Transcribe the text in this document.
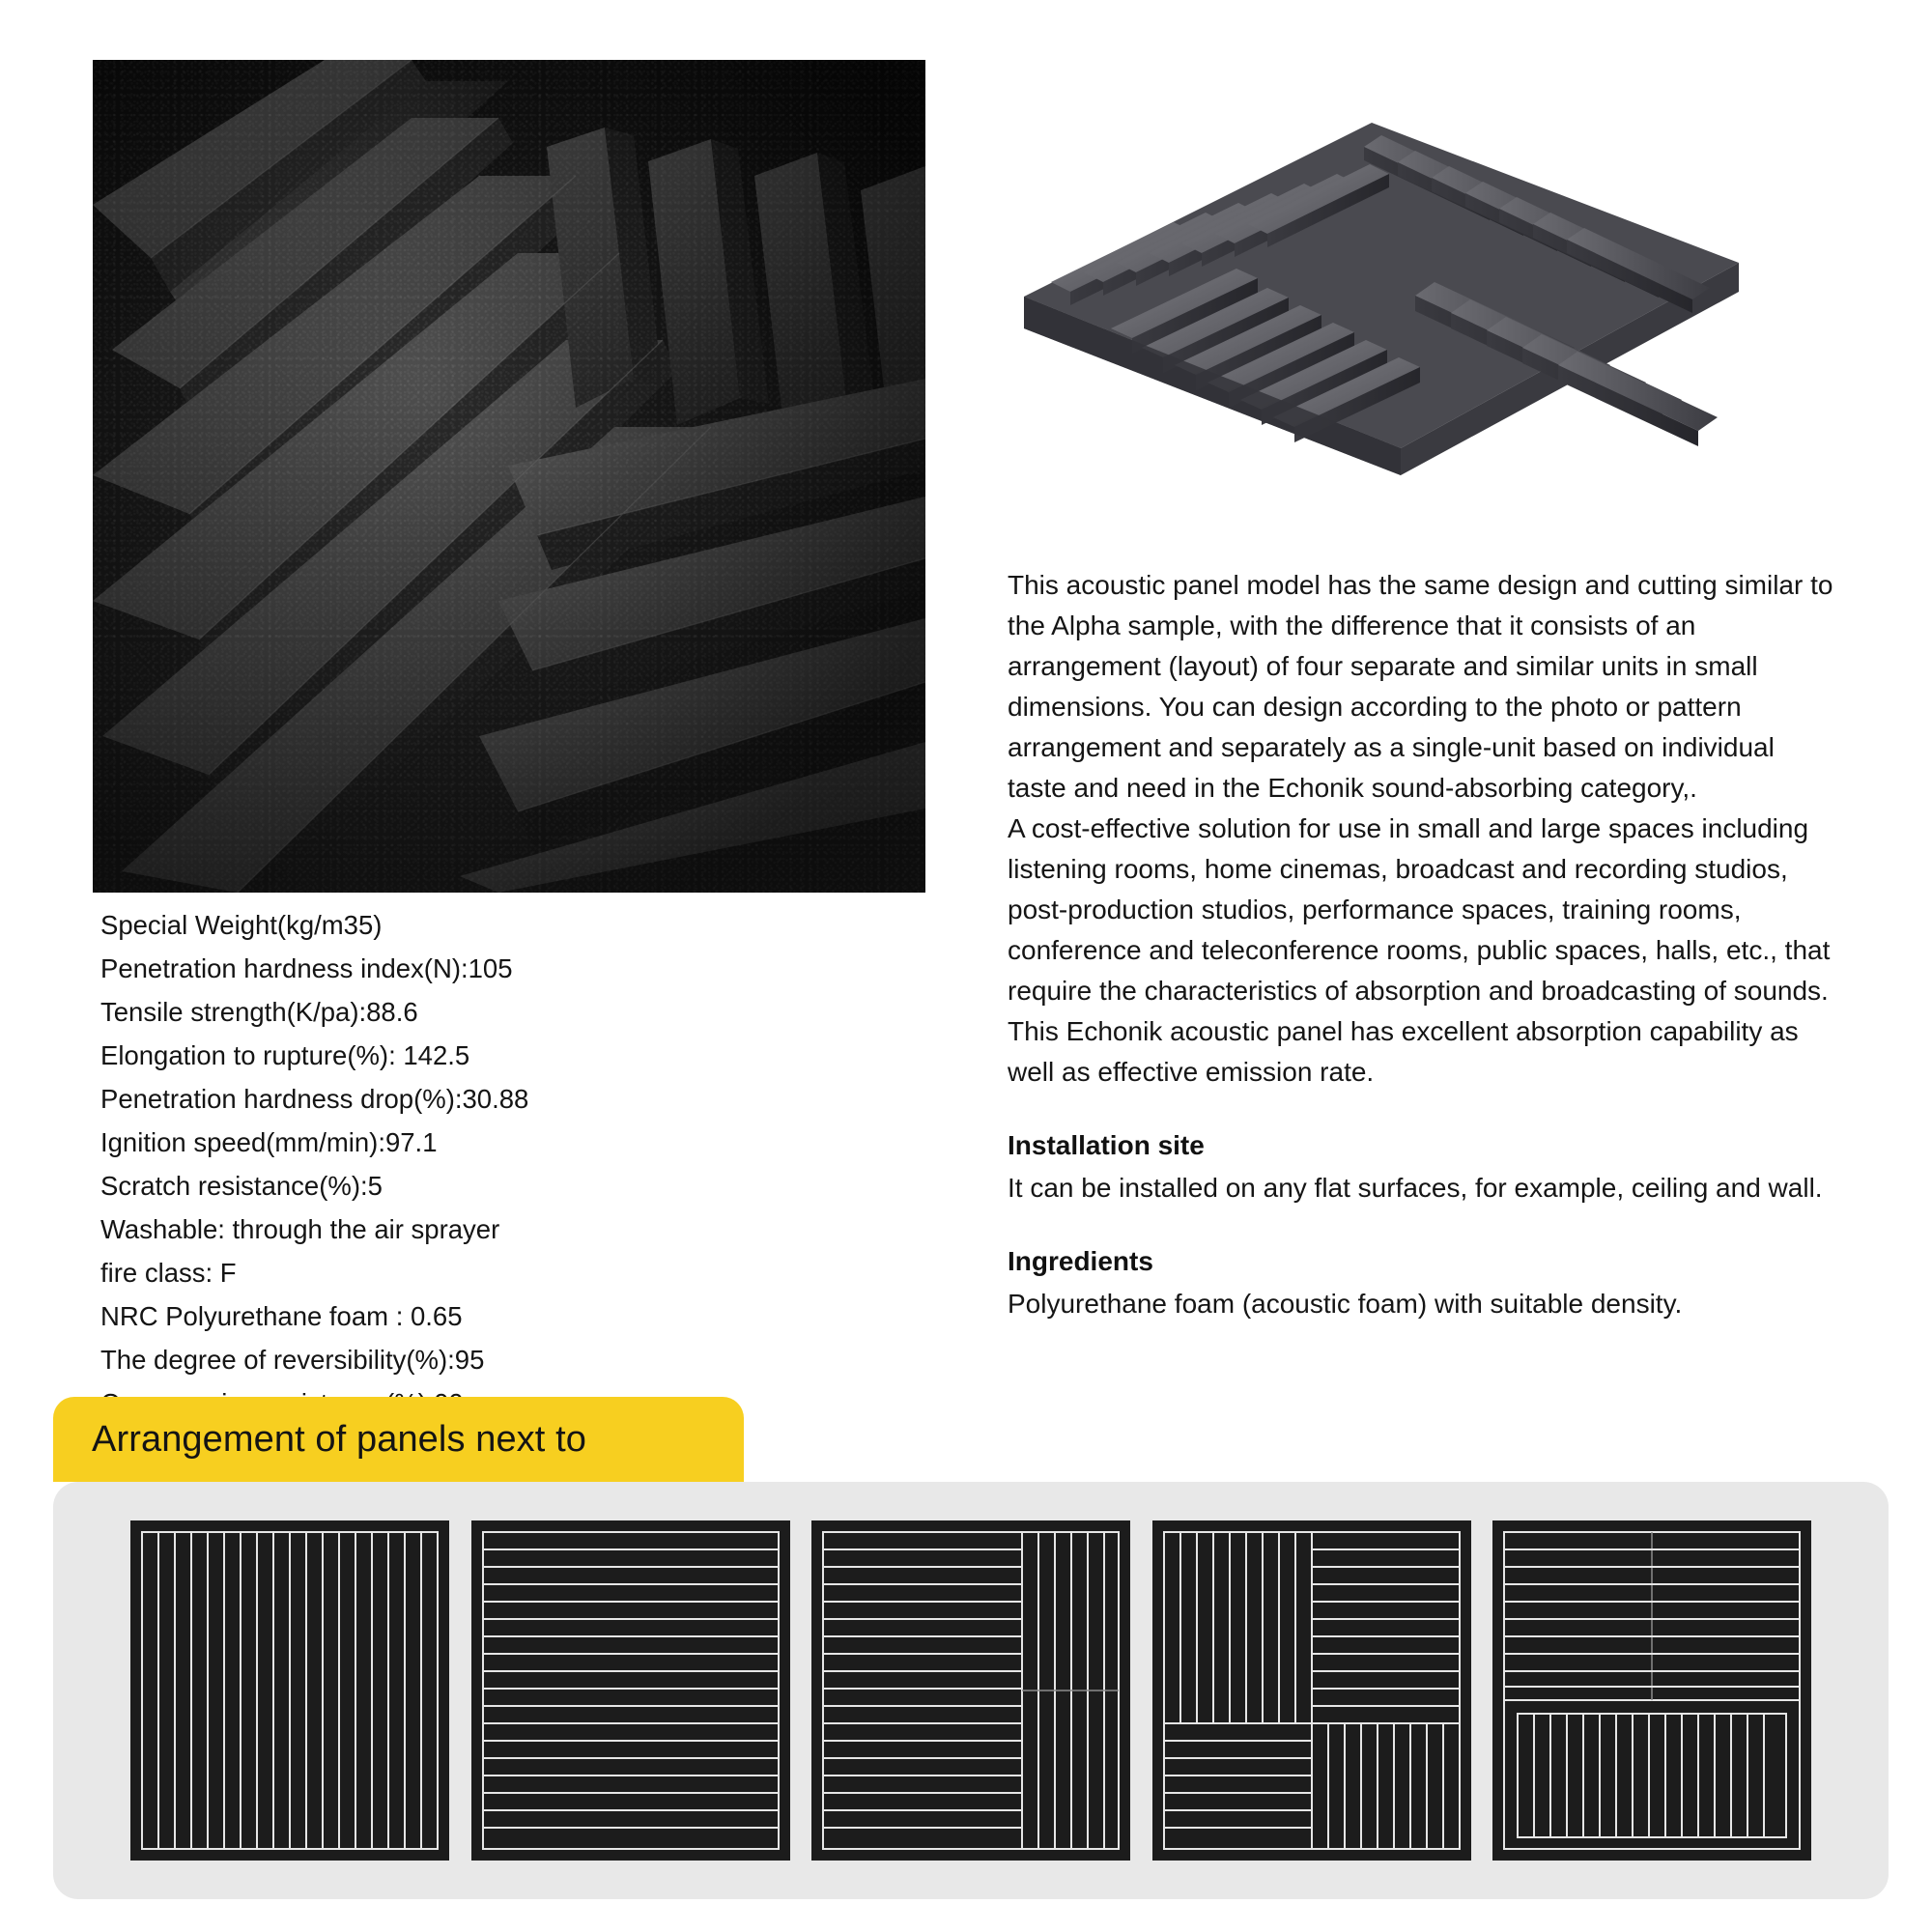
Special Weight(kg/m35)
Penetration hardness index(N):105
Tensile strength(K/pa):88.6
Elongation to rupture(%): 142.5
Penetration hardness drop(%):30.88
Ignition speed(mm/min):97.1
Scratch resistance(%):5
Washable: through the air sprayer
fire class: F
NRC Polyurethane foam : 0.65
The degree of reversibility(%):95

This acoustic panel model has the same design and cutting similar to the Alpha sample, with the difference that it consists of an arrangement (layout) of four separate and similar units in small dimensions. You can design according to the photo or pattern arrangement and separately as a single-unit based on individual taste and need in the Echonik sound-absorbing category,.

A cost-effective solution for use in small and large spaces including listening rooms, home cinemas, broadcast and recording studios, post-production studios, performance spaces, training rooms, conference and teleconference rooms, public spaces, halls, etc., that require the characteristics of absorption and broadcasting of sounds. This Echonik acoustic panel has excellent absorption capability as well as effective emission rate.

Installation site
It can be installed on any flat surfaces, for example, ceiling and wall.
Ingredients
Polyurethane foam (acoustic foam) with suitable density.
Arrangement of panels next to
